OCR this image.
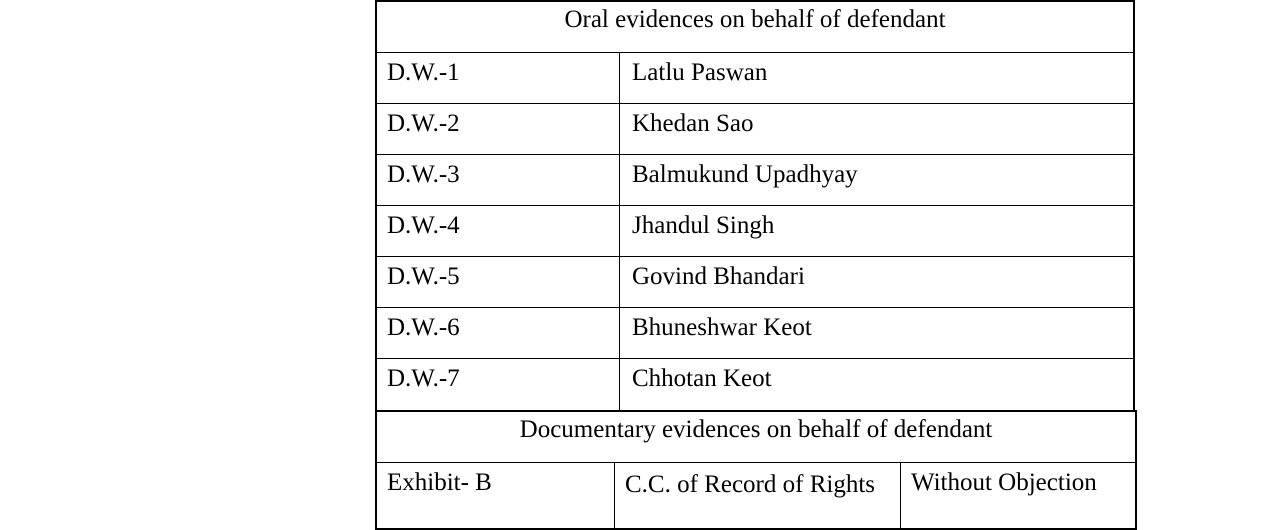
Oral evidences on behalf of defendant
D.W.-1	Latlu Paswan
D.W.-2	Khedan Sao
D.W.-3	Balmukund Upadhyay
D.W.-4	Jhandul Singh
D.W.-5	Govind Bhandari
D.W.-6	Bhuneshwar Keot
D.W.-7	Chhotan Keot
Documentary evidences on behalf of defendant
Exhibit- B	C.C. of Record of Rights	Without Objection
